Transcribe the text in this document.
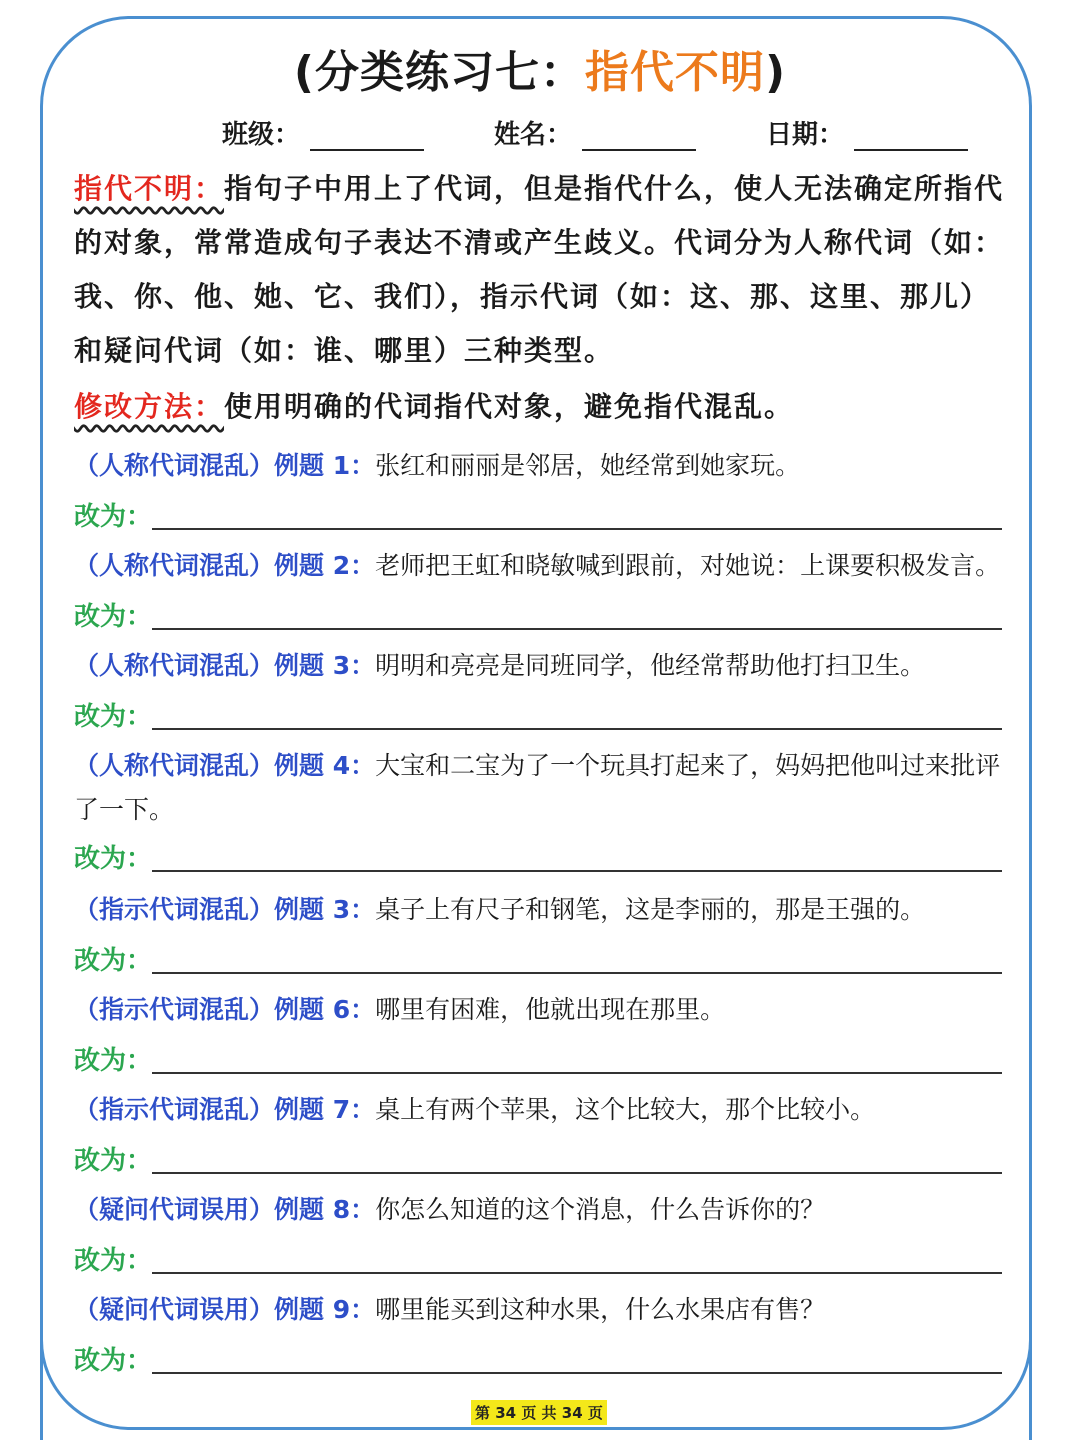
(分类练习七：指代不明)
班级：	姓名：	日期：
指代不明：指句子中用上了代词，但是指代什么，使人无法确定所指代的对象，常常造成句子表达不清或产生歧义。代词分为人称代词（如：我、你、他、她、它、我们），指示代词（如：这、那、这里、那儿）和疑问代词（如：谁、哪里）三种类型。
修改方法：使用明确的代词指代对象，避免指代混乱。
（人称代词混乱）例题 1：张红和丽丽是邻居，她经常到她家玩。
改为：
（人称代词混乱）例题 2：老师把王虹和晓敏喊到跟前，对她说：上课要积极发言。
改为：
（人称代词混乱）例题 3：明明和亮亮是同班同学，他经常帮助他打扫卫生。
改为：
（人称代词混乱）例题 4：大宝和二宝为了一个玩具打起来了，妈妈把他叫过来批评了一下。
改为：
（指示代词混乱）例题 3：桌子上有尺子和钢笔，这是李丽的，那是王强的。
改为：
（指示代词混乱）例题 6：哪里有困难，他就出现在那里。
改为：
（指示代词混乱）例题 7：桌上有两个苹果，这个比较大，那个比较小。
改为：
（疑问代词误用）例题 8：你怎么知道的这个消息，什么告诉你的？
改为：
（疑问代词误用）例题 9：哪里能买到这种水果，什么水果店有售？
改为：
第 34 页 共 34 页
